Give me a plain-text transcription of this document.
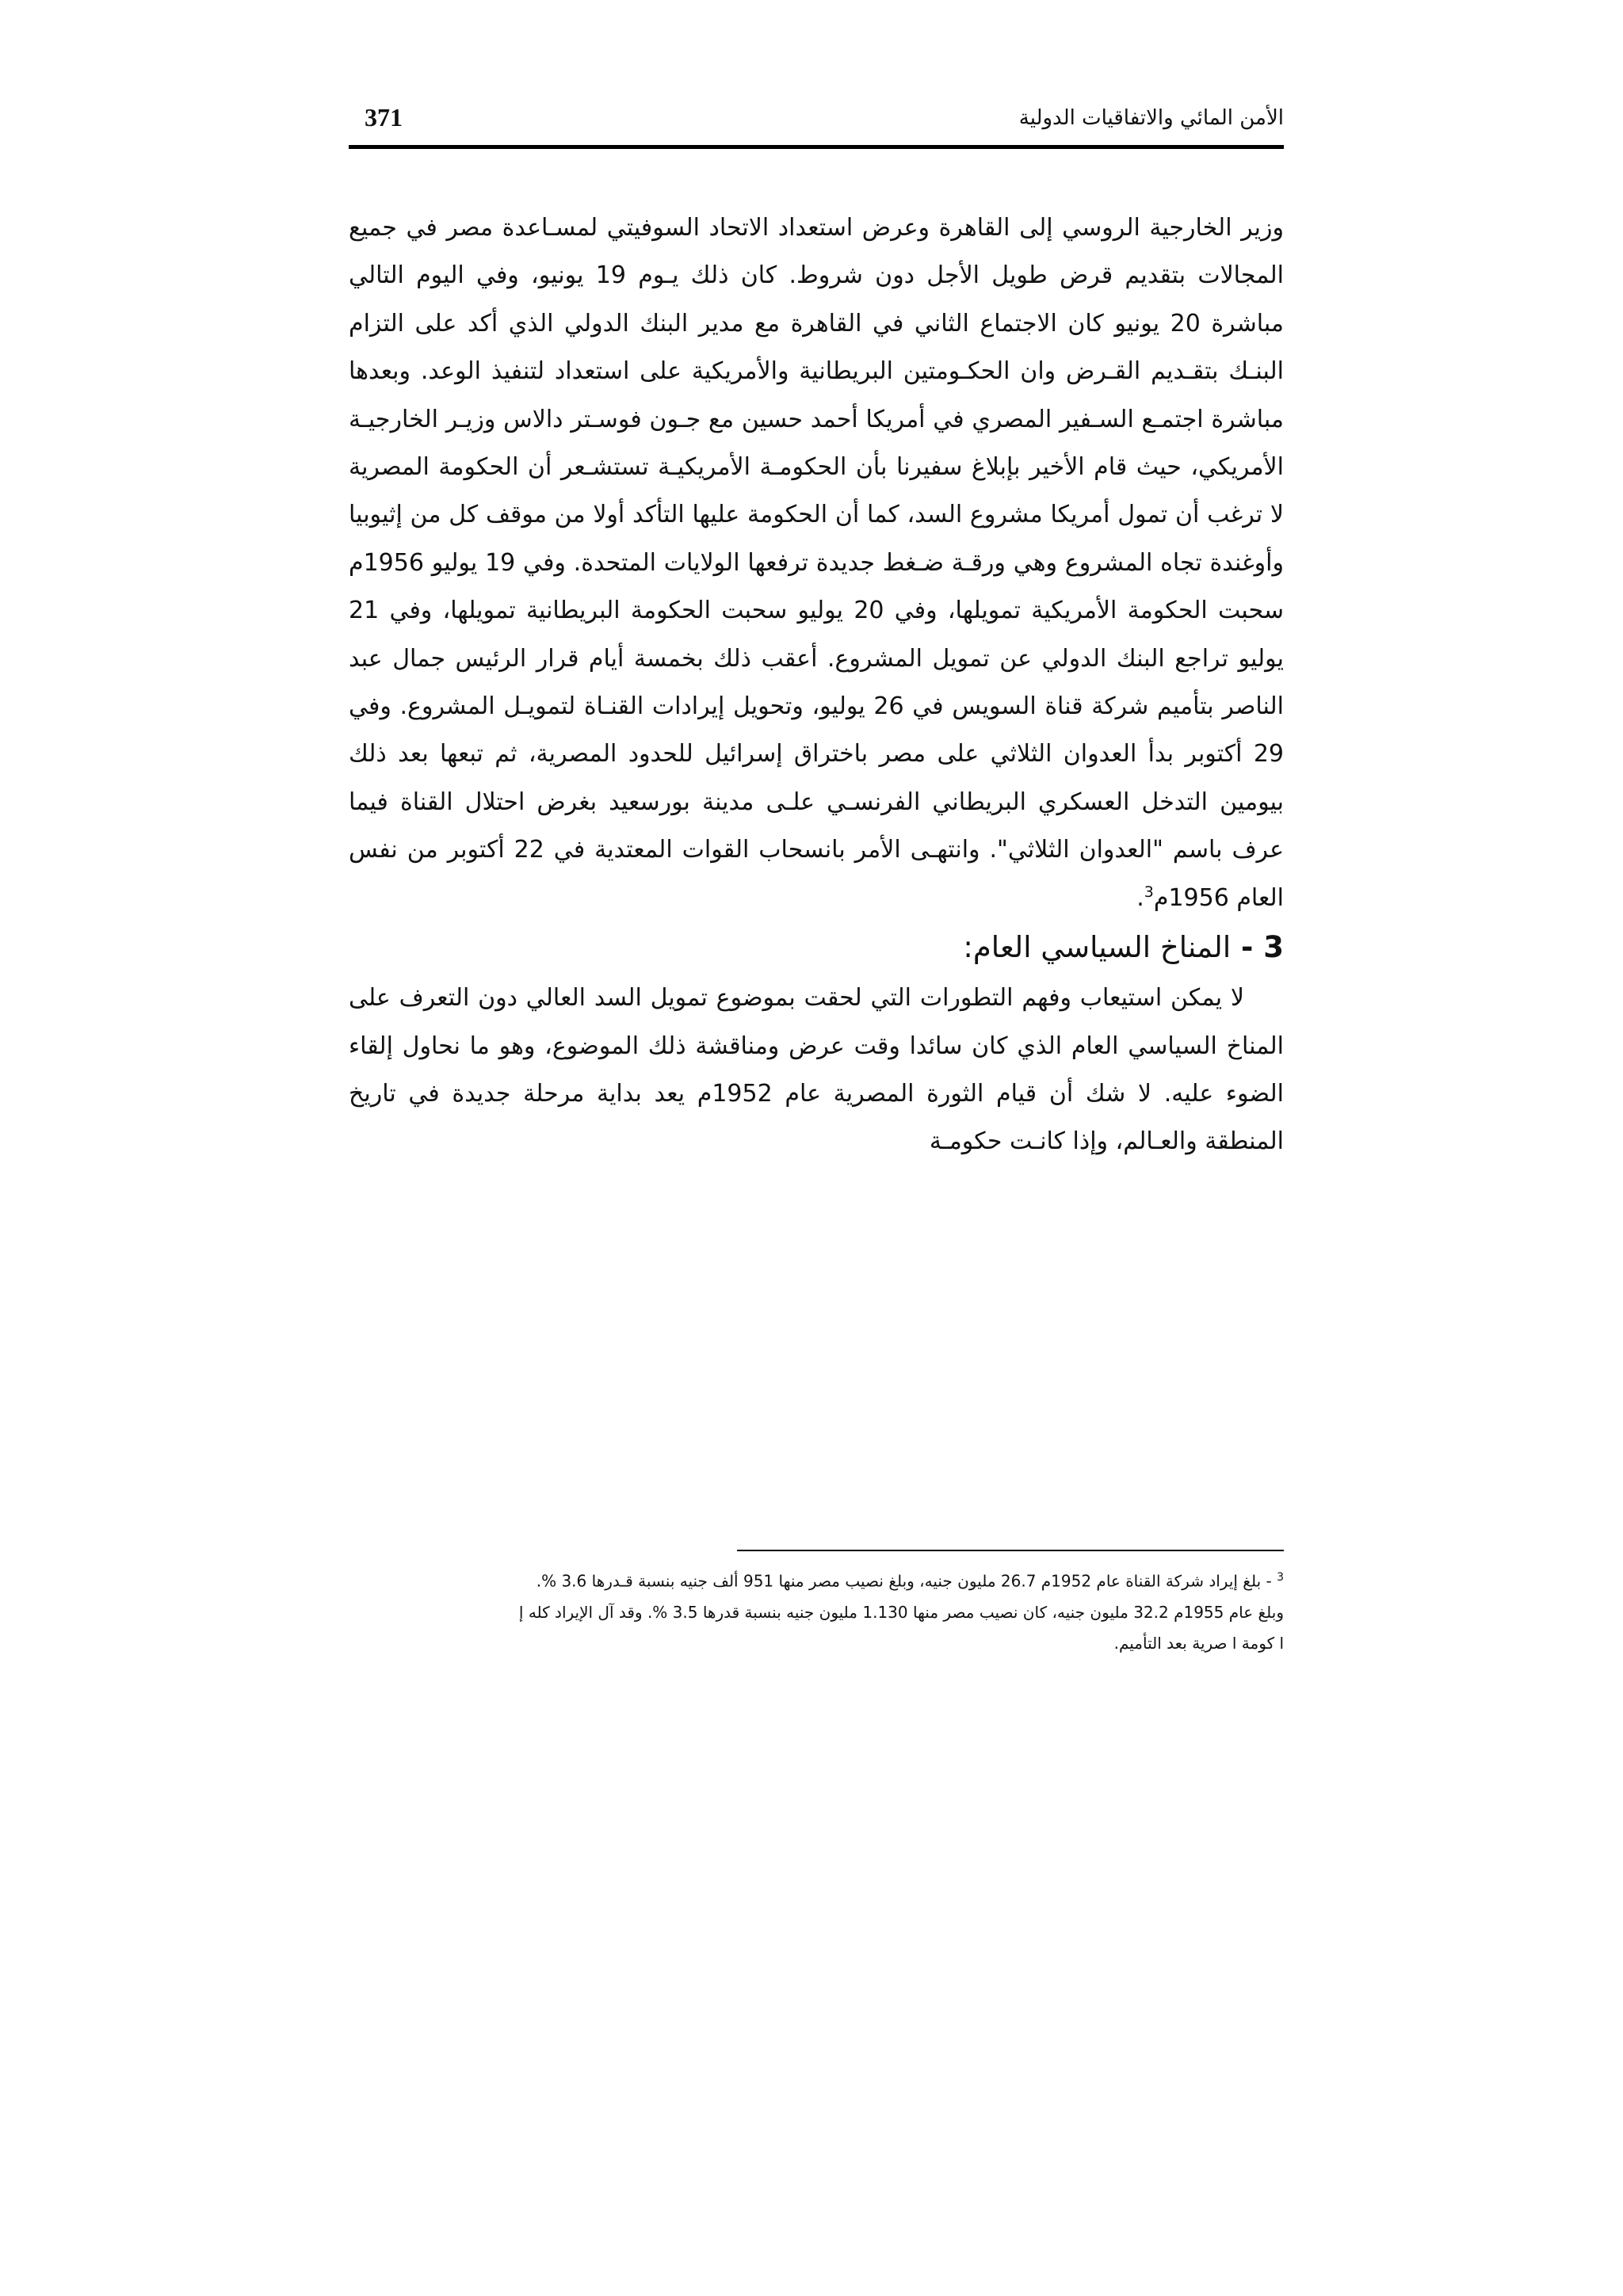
الأمن المائي والاتفاقيات الدولية
371

وزير الخارجية الروسي إلى القاهرة وعرض استعداد الاتحاد السوفيتي لمسـاعدة مصر في جميع المجالات بتقديم قرض طويل الأجل دون شروط. كان ذلك يـوم 19 يونيو، وفي اليوم التالي مباشرة 20 يونيو كان الاجتماع الثاني في القاهرة مع مدير البنك الدولي الذي أكد على التزام البنـك بتقـديم القـرض وان الحكـومتين البريطانية والأمريكية على استعداد لتنفيذ الوعد. وبعدها مباشرة اجتمـع السـفير المصري في أمريكا أحمد حسين مع جـون فوسـتر دالاس وزيـر الخارجيـة الأمريكي، حيث قام الأخير بإبلاغ سفيرنا بأن الحكومـة الأمريكيـة تستشـعر أن الحكومة المصرية لا ترغب أن تمول أمريكا مشروع السد، كما أن الحكومة عليها التأكد أولا من موقف كل من إثيوبيا وأوغندة تجاه المشروع وهي ورقـة ضـغط جديدة ترفعها الولايات المتحدة. وفي 19 يوليو 1956م سحبت الحكومة الأمريكية تمويلها، وفي 20 يوليو سحبت الحكومة البريطانية تمويلها، وفي 21 يوليو تراجع البنك الدولي عن تمويل المشروع. أعقب ذلك بخمسة أيام قرار الرئيس جمال عبد الناصر بتأميم شركة قناة السويس في 26 يوليو، وتحويل إيرادات القنـاة لتمويـل المشروع. وفي 29 أكتوبر بدأ العدوان الثلاثي على مصر باختراق إسرائيل للحدود المصرية، ثم تبعها بعد ذلك بيومين التدخل العسكري البريطاني الفرنسـي علـى مدينة بورسعيد بغرض احتلال القناة فيما عرف باسم "العدوان الثلاثي". وانتهـى الأمر بانسحاب القوات المعتدية في 22 أكتوبر من نفس العام 1956م$^3$.

3 - المناخ السياسي العام:

لا يمكن استيعاب وفهم التطورات التي لحقت بموضوع تمويل السد العالي دون التعرف على المناخ السياسي العام الذي كان سائدا وقت عرض ومناقشة ذلك الموضوع، وهو ما نحاول إلقاء الضوء عليه. لا شك أن قيام الثورة المصرية عام 1952م يعد بداية مرحلة جديدة في تاريخ المنطقة والعـالم، وإذا كانـت حكومـة

$^3$ - بلغ إيراد شركة القناة عام 1952م 26.7 مليون جنيه، وبلغ نصيب مصر منها 951 ألف جنيه بنسبة قـدرها 3.6 %.

وبلغ عام 1955م 32.2 مليون جنيه، كان نصيب مصر منها 1.130 مليون جنيه بنسبة قدرها 3.5 %. وقد آل الإيراد كله إ

ا كومة ا صرية بعد التأميم.
